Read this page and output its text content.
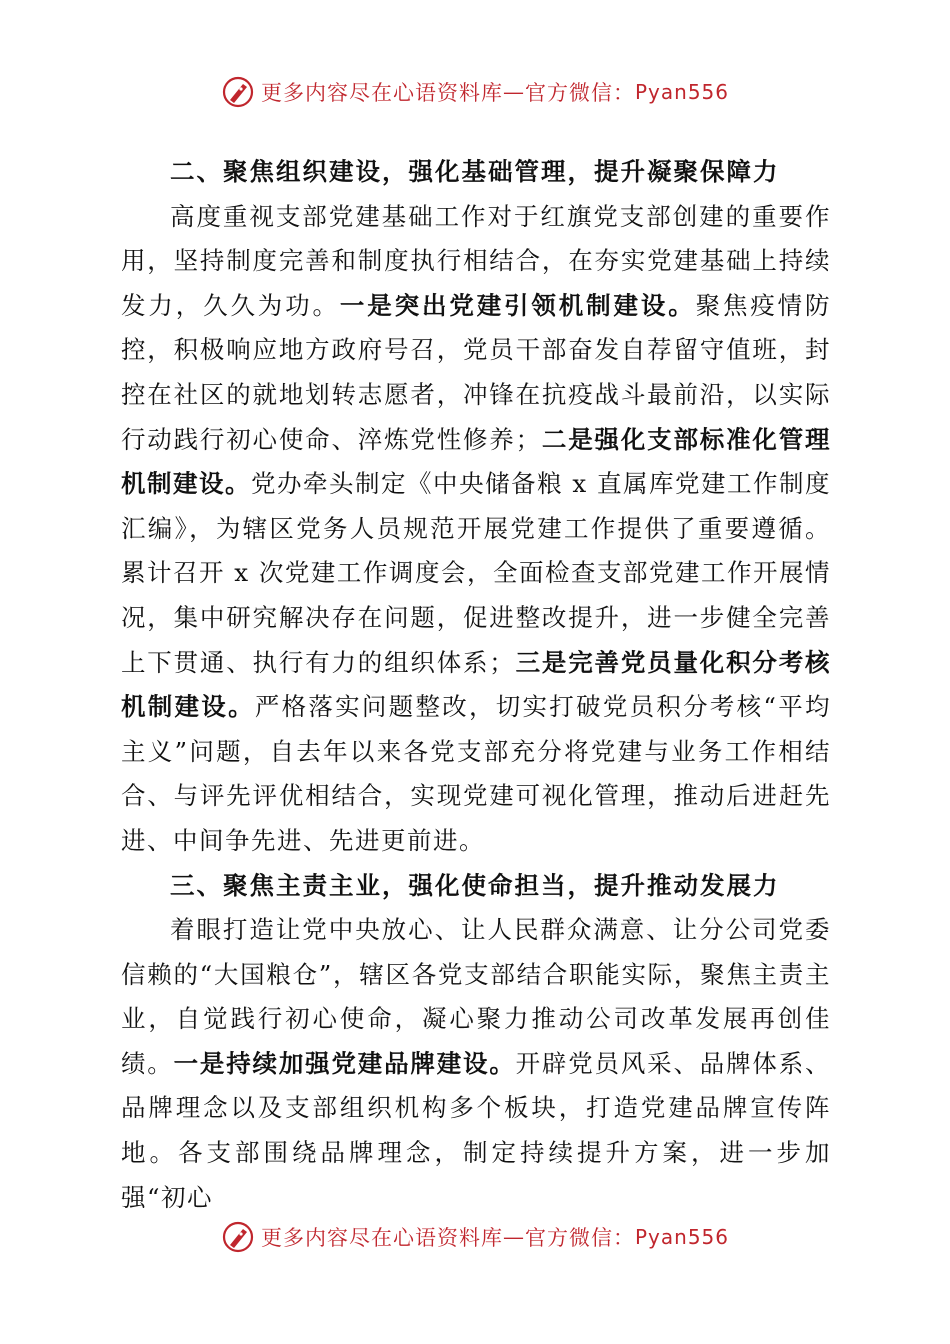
更多内容尽在心语资料库 — 官方微信： Pyan556

二、聚焦组织建设，强化基础管理，提升凝聚保障力

高度重视支部党建基础工作对于红旗党支部创建的重要作用，坚持制度完善和制度执行相结合，在夯实党建基础上持续发力，久久为功。一是突出党建引领机制建设。聚焦疫情防控，积极响应地方政府号召，党员干部奋发自荐留守值班，封控在社区的就地划转志愿者，冲锋在抗疫战斗最前沿，以实际行动践行初心使命、淬炼党性修养；二是强化支部标准化管理机制建设。党办牵头制定《中央储备粮 x 直属库党建工作制度汇编》，为辖区党务人员规范开展党建工作提供了重要遵循。累计召开 x 次党建工作调度会，全面检查支部党建工作开展情况，集中研究解决存在问题，促进整改提升，进一步健全完善上下贯通、执行有力的组织体系；三是完善党员量化积分考核机制建设。严格落实问题整改，切实打破党员积分考核“平均主义”问题，自去年以来各党支部充分将党建与业务工作相结合、与评先评优相结合，实现党建可视化管理，推动后进赶先进、中间争先进、先进更前进。

三、聚焦主责主业，强化使命担当，提升推动发展力

着眼打造让党中央放心、让人民群众满意、让分公司党委信赖的“大国粮仓”，辖区各党支部结合职能实际，聚焦主责主业，自觉践行初心使命，凝心聚力推动公司改革发展再创佳绩。一是持续加强党建品牌建设。开辟党员风采、品牌体系、品牌理念以及支部组织机构多个板块，打造党建品牌宣传阵地。各支部围绕品牌理念，制定持续提升方案，进一步加强“初心

更多内容尽在心语资料库 — 官方微信： Pyan556
